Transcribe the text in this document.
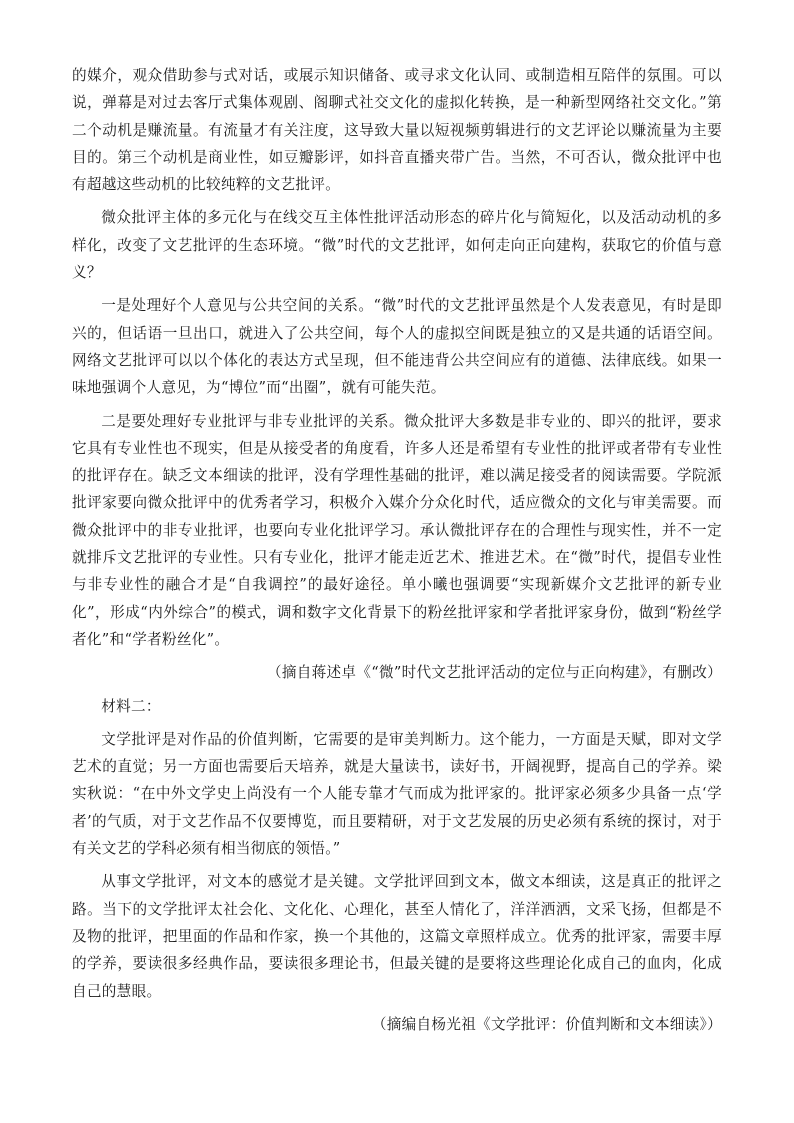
的媒介，观众借助参与式对话，或展示知识储备、或寻求文化认同、或制造相互陪伴的氛围。可以说，弹幕是对过去客厅式集体观剧、阁聊式社交文化的虚拟化转换，是一种新型网络社交文化。”第二个动机是赚流量。有流量才有关注度，这导致大量以短视频剪辑进行的文艺评论以赚流量为主要目的。第三个动机是商业性，如豆瓣影评，如抖音直播夹带广告。当然，不可否认，微众批评中也有超越这些动机的比较纯粹的文艺批评。

微众批评主体的多元化与在线交互主体性批评活动形态的碎片化与简短化，以及活动动机的多样化，改变了文艺批评的生态环境。“微”时代的文艺批评，如何走向正向建构，获取它的价值与意义？

一是处理好个人意见与公共空间的关系。“微”时代的文艺批评虽然是个人发表意见，有时是即兴的，但话语一旦出口，就进入了公共空间，每个人的虚拟空间既是独立的又是共通的话语空间。网络文艺批评可以以个体化的表达方式呈现，但不能违背公共空间应有的道德、法律底线。如果一味地强调个人意见，为“博位”而“出圈”，就有可能失范。

二是要处理好专业批评与非专业批评的关系。微众批评大多数是非专业的、即兴的批评，要求它具有专业性也不现实，但是从接受者的角度看，许多人还是希望有专业性的批评或者带有专业性的批评存在。缺乏文本细读的批评，没有学理性基础的批评，难以满足接受者的阅读需要。学院派批评家要向微众批评中的优秀者学习，积极介入媒介分众化时代，适应微众的文化与审美需要。而微众批评中的非专业批评，也要向专业化批评学习。承认微批评存在的合理性与现实性，并不一定就排斥文艺批评的专业性。只有专业化，批评才能走近艺术、推进艺术。在“微”时代，提倡专业性与非专业性的融合才是“自我调控”的最好途径。单小曦也强调要“实现新媒介文艺批评的新专业化”，形成“内外综合”的模式，调和数字文化背景下的粉丝批评家和学者批评家身份，做到“粉丝学者化”和“学者粉丝化”。

（摘自蒋述卓《“微”时代文艺批评活动的定位与正向构建》，有删改）

材料二：

文学批评是对作品的价值判断，它需要的是审美判断力。这个能力，一方面是天赋，即对文学艺术的直觉；另一方面也需要后天培养，就是大量读书，读好书，开阔视野，提高自己的学养。梁实秋说：“在中外文学史上尚没有一个人能专靠才气而成为批评家的。批评家必须多少具备一点‘学者’的气质，对于文艺作品不仅要博览，而且要精研，对于文艺发展的历史必须有系统的探讨，对于有关文艺的学科必须有相当彻底的领悟。”

从事文学批评，对文本的感觉才是关键。文学批评回到文本，做文本细读，这是真正的批评之路。当下的文学批评太社会化、文化化、心理化，甚至人情化了，洋洋洒洒，文采飞扬，但都是不及物的批评，把里面的作品和作家，换一个其他的，这篇文章照样成立。优秀的批评家，需要丰厚的学养，要读很多经典作品，要读很多理论书，但最关键的是要将这些理论化成自己的血肉，化成自己的慧眼。

（摘编自杨光祖《文学批评：价值判断和文本细读》）
